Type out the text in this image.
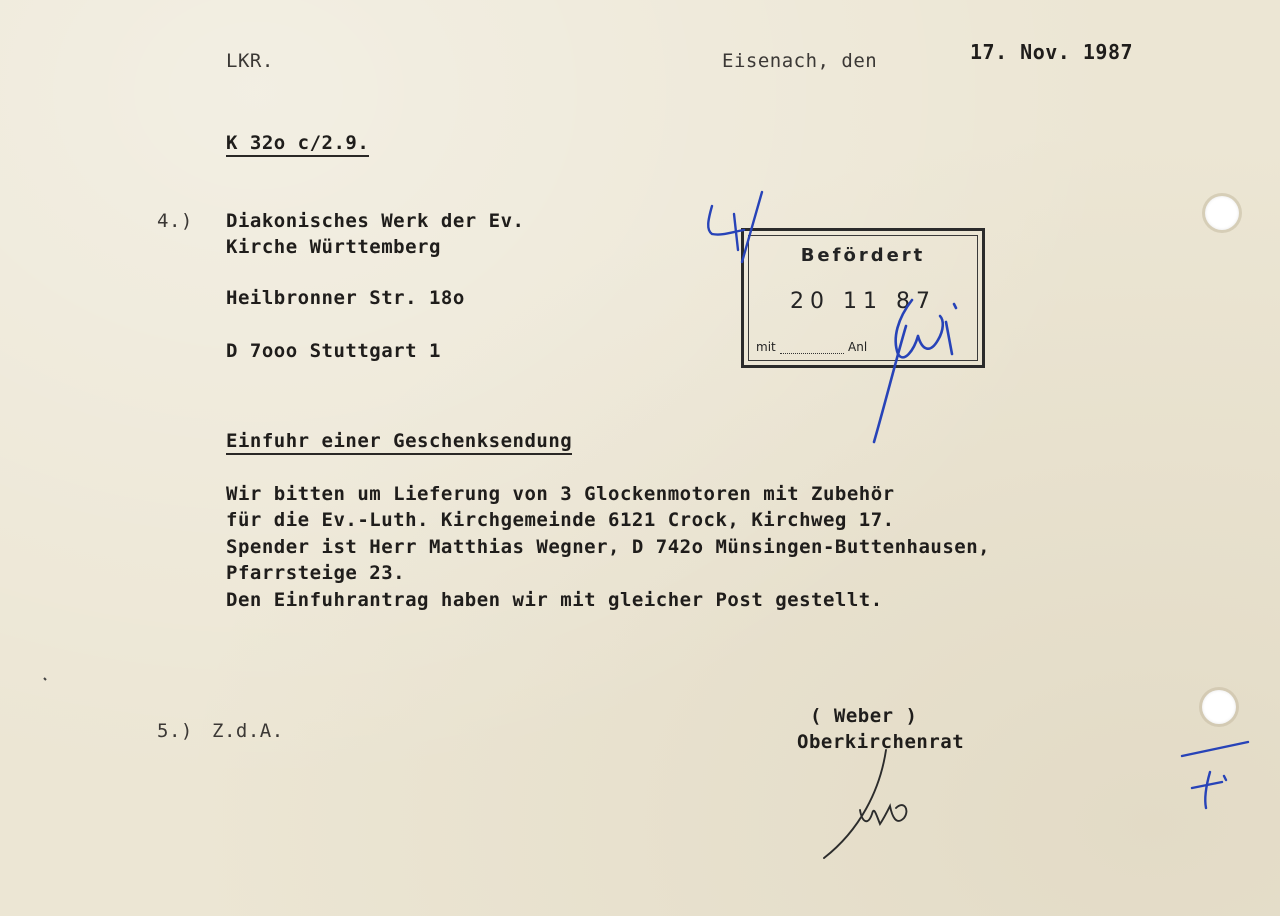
LKR.	Eisenach, den	17. Nov. 1987
K 32o c/2.9.
4.) Diakonisches Werk der Ev.
Kirche Württemberg
Heilbronner Str. 18o
D 7ooo Stuttgart 1
Befördert
20 11 87
mit	Anl
Einfuhr einer Geschenksendung
Wir bitten um Lieferung von 3 Glockenmotoren mit Zubehör
für die Ev.-Luth. Kirchgemeinde 6121 Crock, Kirchweg 17.
Spender ist Herr Matthias Wegner, D 742o Münsingen-Buttenhausen,
Pfarrsteige 23.
Den Einfuhrantrag haben wir mit gleicher Post gestellt.
5.) Z.d.A.
( Weber )
Oberkirchenrat
